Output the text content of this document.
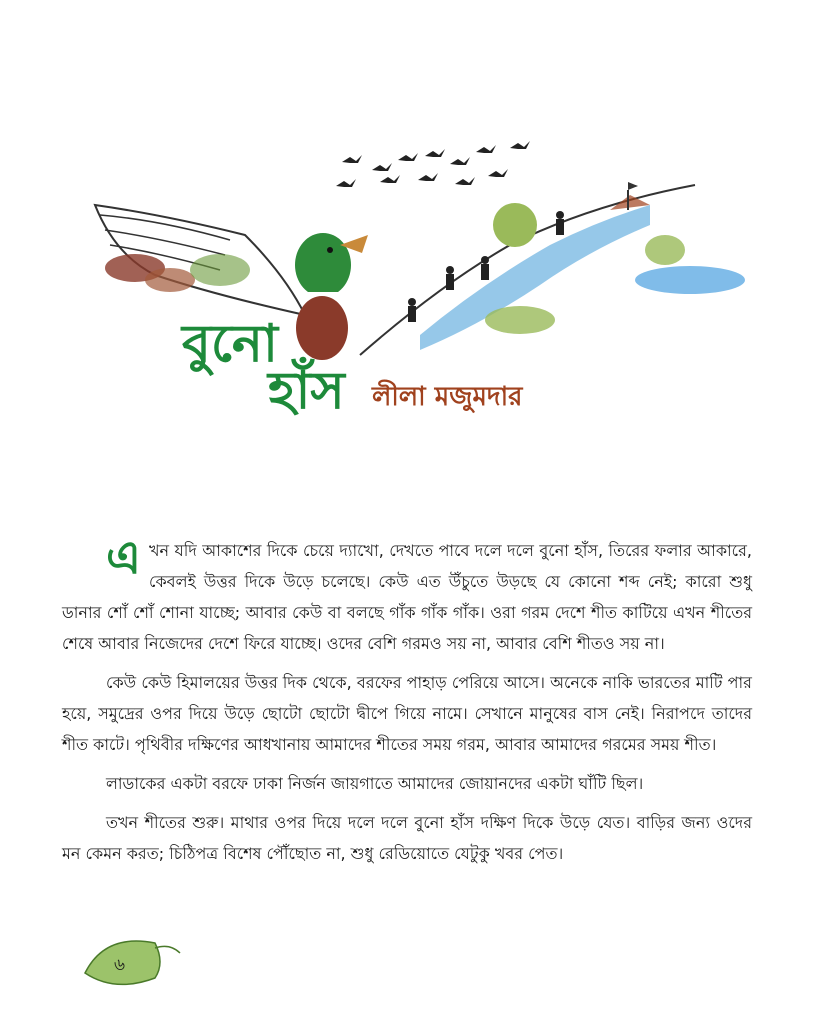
বুনো
হাঁস লীলা মজুমদার

এখন যদি আকাশের দিকে চেয়ে দ্যাখো, দেখতে পাবে দলে দলে বুনো হাঁস, তিরের ফলার আকারে, কেবলই উত্তর দিকে উড়ে চলেছে। কেউ এত উঁচুতে উড়ছে যে কোনো শব্দ নেই; কারো শুধু ডানার শোঁ শোঁ শোনা যাচ্ছে; আবার কেউ বা বলছে গাঁক গাঁক গাঁক। ওরা গরম দেশে শীত কাটিয়ে এখন শীতের শেষে আবার নিজেদের দেশে ফিরে যাচ্ছে। ওদের বেশি গরমও সয় না, আবার বেশি শীতও সয় না।

কেউ কেউ হিমালয়ের উত্তর দিক থেকে, বরফের পাহাড় পেরিয়ে আসে। অনেকে নাকি ভারতের মাটি পার হয়ে, সমুদ্রের ওপর দিয়ে উড়ে ছোটো ছোটো দ্বীপে গিয়ে নামে। সেখানে মানুষের বাস নেই। নিরাপদে তাদের শীত কাটে। পৃথিবীর দক্ষিণের আধখানায় আমাদের শীতের সময় গরম, আবার আমাদের গরমের সময় শীত।

লাডাকের একটা বরফে ঢাকা নির্জন জায়গাতে আমাদের জোয়ানদের একটা ঘাঁটি ছিল।

তখন শীতের শুরু। মাথার ওপর দিয়ে দলে দলে বুনো হাঁস দক্ষিণ দিকে উড়ে যেত। বাড়ির জন্য ওদের মন কেমন করত; চিঠিপত্র বিশেষ পৌঁছোত না, শুধু রেডিয়োতে যেটুকু খবর পেত।

৬
